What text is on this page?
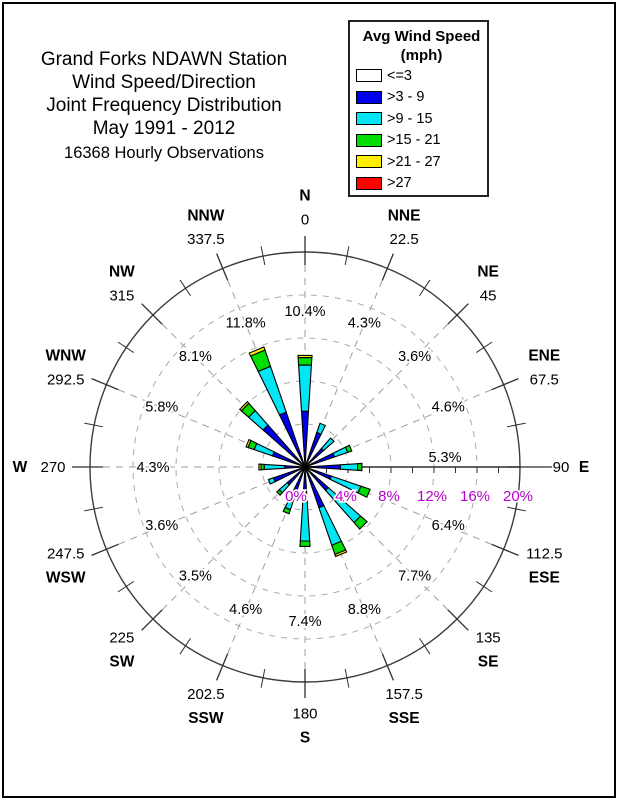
Grand Forks NDAWN Station
Wind Speed/Direction
Joint Frequency Distribution
May 1991 - 2012
16368 Hourly Observations
Avg Wind Speed
(mph)
<=3
>3 - 9
>9 - 15
>15 - 21
>21 - 27
>27
0% 4% 8% 12% 16% 20%
10.4%
4.3%
3.6%
4.6%
5.3%
6.4%
7.7%
8.8%
7.4%
4.6%
3.5%
3.6%
4.3%
5.8%
8.1%
11.8%
N
0	NNE
22.5
NE
45
ENE
67.5
90 E
ESE
112.5
SE
135
SSE
157.5
S
180
SSW
202.5
SW
225
WSW
247.5
W 270
WNW
292.5
NW
315
NNW
337.5
